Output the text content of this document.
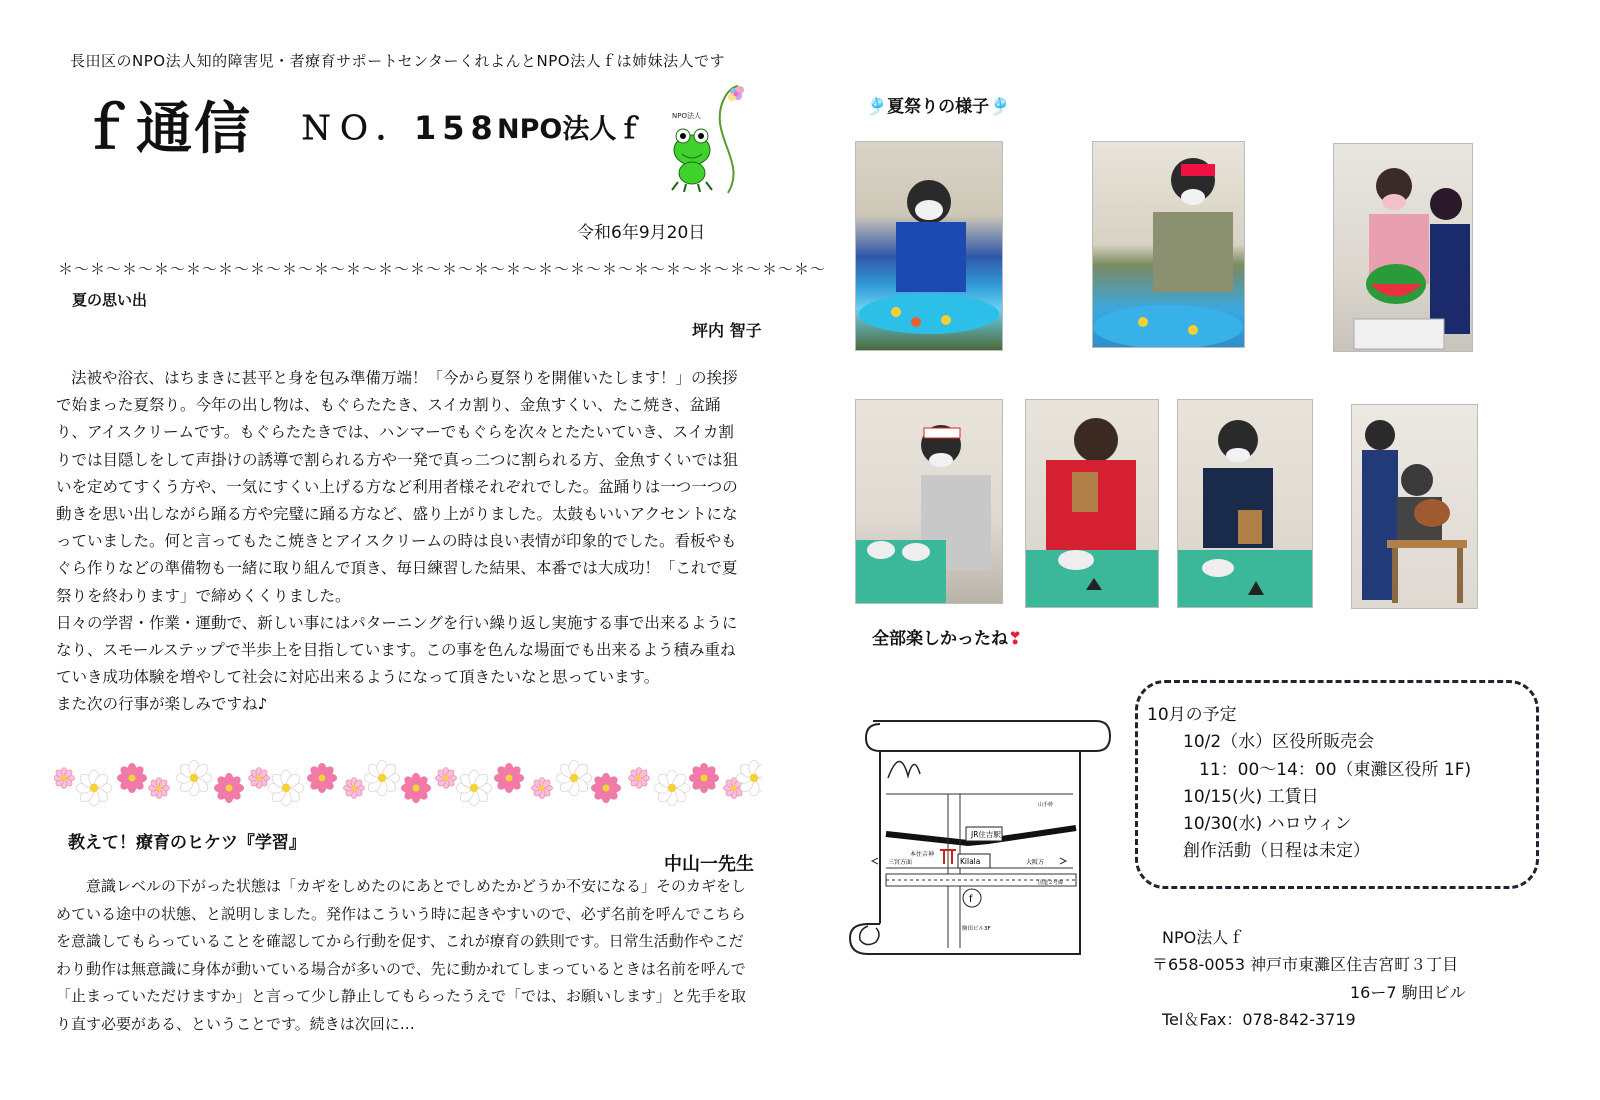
長田区のNPO法人知的障害児・者療育サポートセンターくれよんとNPO法人ｆは姉妹法人です
ｆ通信 ＮＯ．158
NPO法人ｆ	NPO法人
令和6年9月20日
＊～＊～＊～＊～＊～＊～＊～＊～＊～＊～＊～＊～＊～＊～＊～＊～＊～＊～＊～＊～＊～＊～＊～＊～
夏の思い出
坪内 智子

法被や浴衣、はちまきに甚平と身を包み準備万端！「今から夏祭りを開催いたします！」の挨拶で始まった夏祭り。今年の出し物は、もぐらたたき、スイカ割り、金魚すくい、たこ焼き、盆踊り、アイスクリームです。もぐらたたきでは、ハンマーでもぐらを次々とたたいていき、スイカ割りでは目隠しをして声掛けの誘導で割られる方や一発で真っ二つに割られる方、金魚すくいでは狙いを定めてすくう方や、一気にすくい上げる方など利用者様それぞれでした。盆踊りは一つ一つの動きを思い出しながら踊る方や完璧に踊る方など、盛り上がりました。太鼓もいいアクセントになっていました。何と言ってもたこ焼きとアイスクリームの時は良い表情が印象的でした。看板やもぐら作りなどの準備物も一緒に取り組んで頂き、毎日練習した結果、本番では大成功！「これで夏祭りを終わります」で締めくくりました。

日々の学習・作業・運動で、新しい事にはパターニングを行い繰り返し実施する事で出来るようになり、スモールステップで半歩上を目指しています。この事を色んな場面でも出来るよう積み重ねていき成功体験を増やして社会に対応出来るようになって頂きたいなと思っています。

また次の行事が楽しみですね♪

教えて！療育のヒケツ『学習』
中山一先生

意識レベルの下がった状態は「カギをしめたのにあとでしめたかどうか不安になる」そのカギをしめている途中の状態、と説明しました。発作はこういう時に起きやすいので、必ず名前を呼んでこちらを意識してもらっていることを確認してから行動を促す、これが療育の鉄則です。日常生活動作やこだわり動作は無意識に身体が動いている場合が多いので、先に動かれてしまっているときは名前を呼んで「止まっていただけますか」と言って少し静止してもらったうえで「では、お願いします」と先手を取り直す必要がある、ということです。続きは次回に…

🎐夏祭りの様子🎐
全部楽しかったね❣
JR住吉駅
Kilala
本住吉神
三宮方面	大阪方
国道２号線
山手幹
f
駒田ビル3F
10月の予定
10/2（水）区役所販売会
11：00～14：00（東灘区役所 1F)
10/15(火) 工賃日
10/30(水) ハロウィン
創作活動（日程は未定）
NPO法人ｆ
〒658-0053 神戸市東灘区住吉宮町３丁目
16ー7 駒田ビル
Tel＆Fax：078-842-3719
